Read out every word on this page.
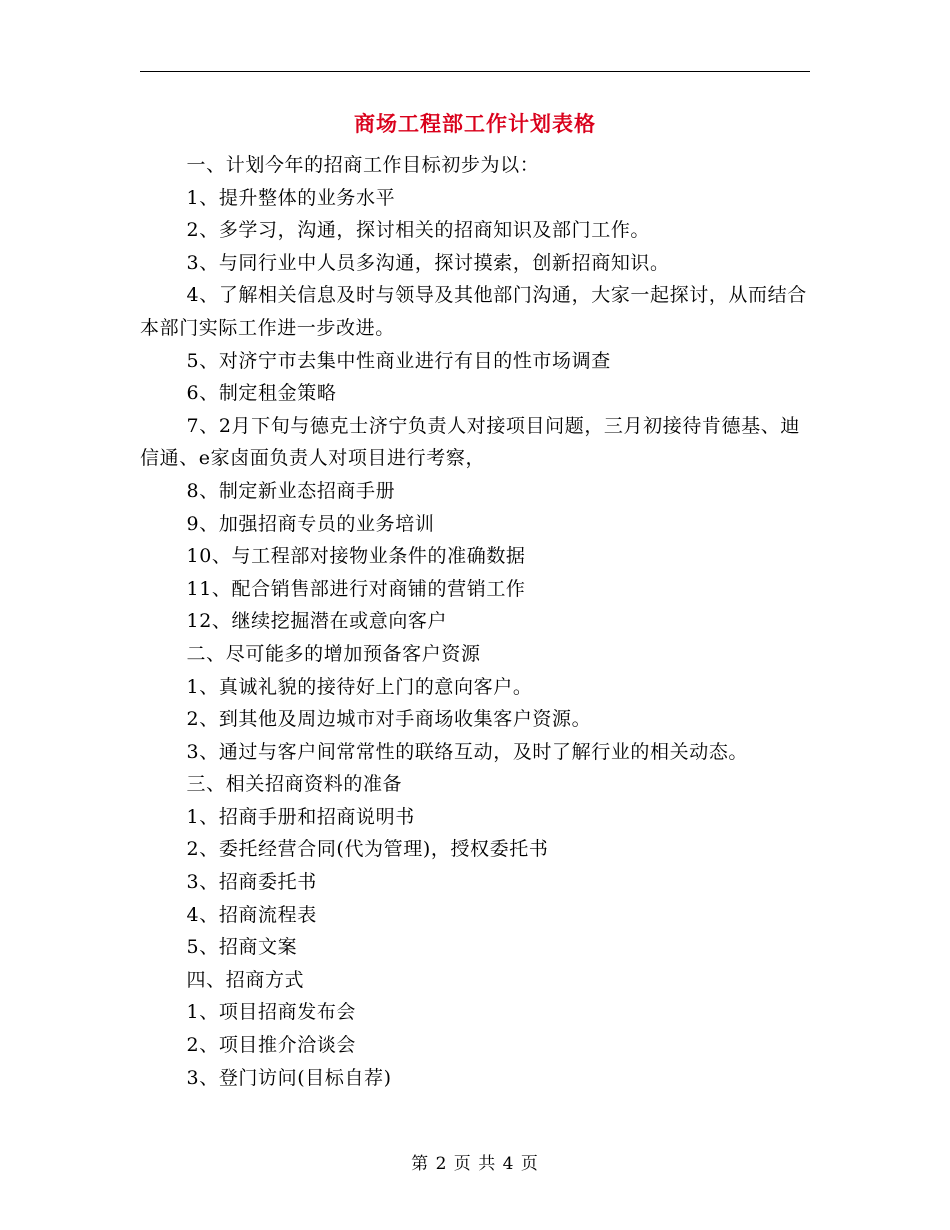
商场工程部工作计划表格

一、计划今年的招商工作目标初步为以：

1、提升整体的业务水平

2、多学习，沟通，探讨相关的招商知识及部门工作。

3、与同行业中人员多沟通，探讨摸索，创新招商知识。

4、了解相关信息及时与领导及其他部门沟通，大家一起探讨，从而结合本部门实际工作进一步改进。

5、对济宁市去集中性商业进行有目的性市场调查

6、制定租金策略

7、2月下旬与德克士济宁负责人对接项目问题，三月初接待肯德基、迪信通、e家卤面负责人对项目进行考察，

8、制定新业态招商手册

9、加强招商专员的业务培训

10、与工程部对接物业条件的准确数据

11、配合销售部进行对商铺的营销工作

12、继续挖掘潜在或意向客户

二、尽可能多的增加预备客户资源

1、真诚礼貌的接待好上门的意向客户。

2、到其他及周边城市对手商场收集客户资源。

3、通过与客户间常常性的联络互动，及时了解行业的相关动态。

三、相关招商资料的准备

1、招商手册和招商说明书

2、委托经营合同(代为管理)，授权委托书

3、招商委托书

4、招商流程表

5、招商文案

四、招商方式

1、项目招商发布会

2、项目推介洽谈会

3、登门访问(目标自荐)

第 2 页 共 4 页
